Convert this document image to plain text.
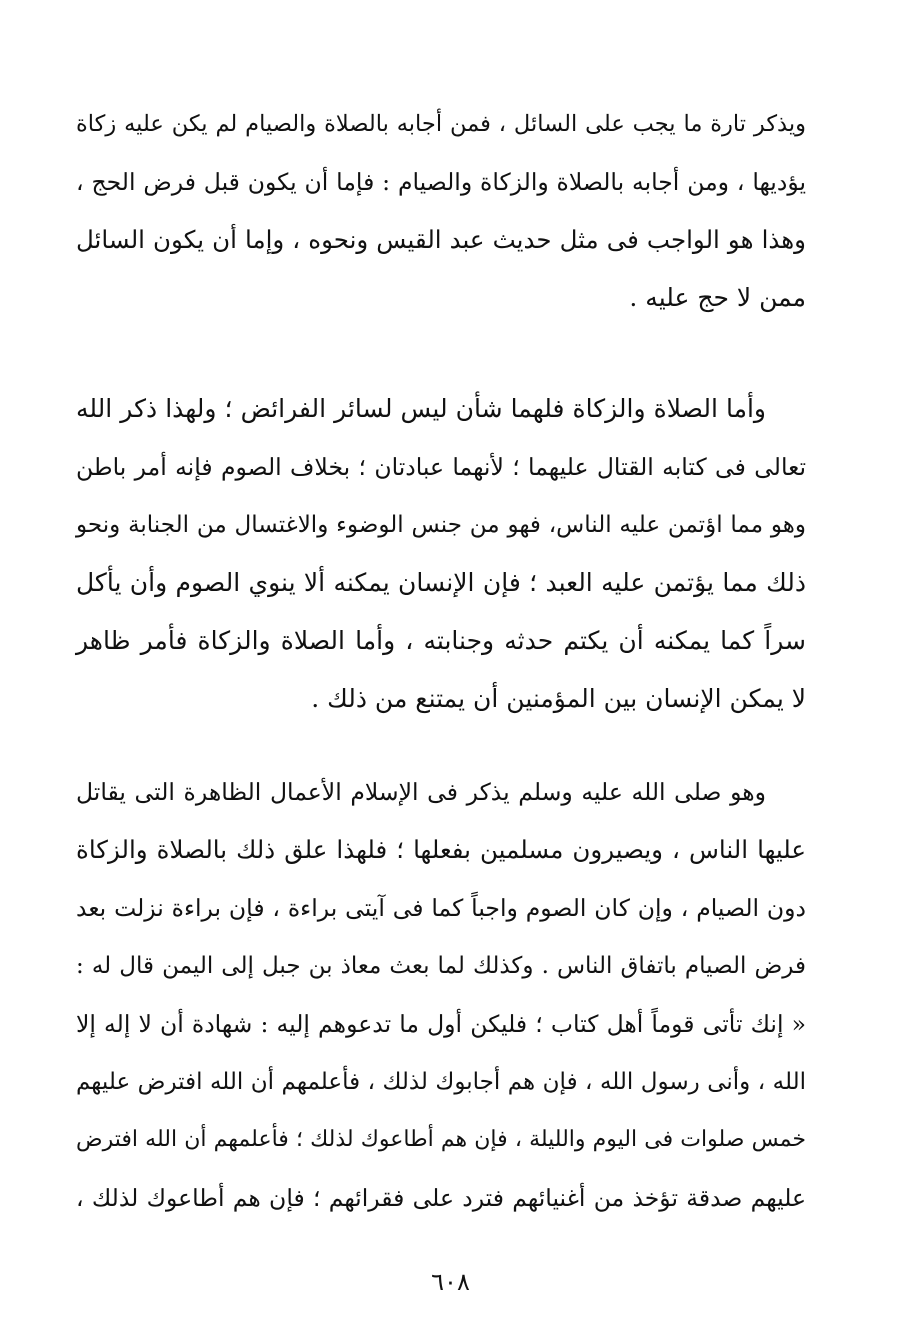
ويذكر تارة ما يجب على السائل ، فمن أجابه بالصلاة والصيام لم يكن عليه زكاة
يؤديها ، ومن أجابه بالصلاة والزكاة والصيام : فإما أن يكون قبل فرض الحج ،
وهذا هو الواجب فى مثل حديث عبد القيس ونحوه ، وإما أن يكون السائل
ممن لا حج عليه .
وأما الصلاة والزكاة فلهما شأن ليس لسائر الفرائض ؛ ولهذا ذكر الله
تعالى فى كتابه القتال عليهما ؛ لأنهما عبادتان ؛ بخلاف الصوم فإنه أمر باطن
وهو مما اؤتمن عليه الناس، فهو من جنس الوضوء والاغتسال من الجنابة ونحو
ذلك مما يؤتمن عليه العبد ؛ فإن الإنسان يمكنه ألا ينوي الصوم وأن يأكل
سراً كما يمكنه أن يكتم حدثه وجنابته ، وأما الصلاة والزكاة فأمر ظاهر
لا يمكن الإنسان بين المؤمنين أن يمتنع من ذلك .
وهو صلى الله عليه وسلم يذكر فى الإسلام الأعمال الظاهرة التى يقاتل
عليها الناس ، ويصيرون مسلمين بفعلها ؛ فلهذا علق ذلك بالصلاة والزكاة
دون الصيام ، وإن كان الصوم واجباً كما فى آيتى براءة ، فإن براءة نزلت بعد
فرض الصيام باتفاق الناس . وكذلك لما بعث معاذ بن جبل إلى اليمن قال له :
« إنك تأتى قوماً أهل كتاب ؛ فليكن أول ما تدعوهم إليه : شهادة أن لا إله إلا
الله ، وأنى رسول الله ، فإن هم أجابوك لذلك ، فأعلمهم أن الله افترض عليهم
خمس صلوات فى اليوم والليلة ، فإن هم أطاعوك لذلك ؛ فأعلمهم أن الله افترض
عليهم صدقة تؤخذ من أغنيائهم فترد على فقرائهم ؛ فإن هم أطاعوك لذلك ،
٦٠٨
